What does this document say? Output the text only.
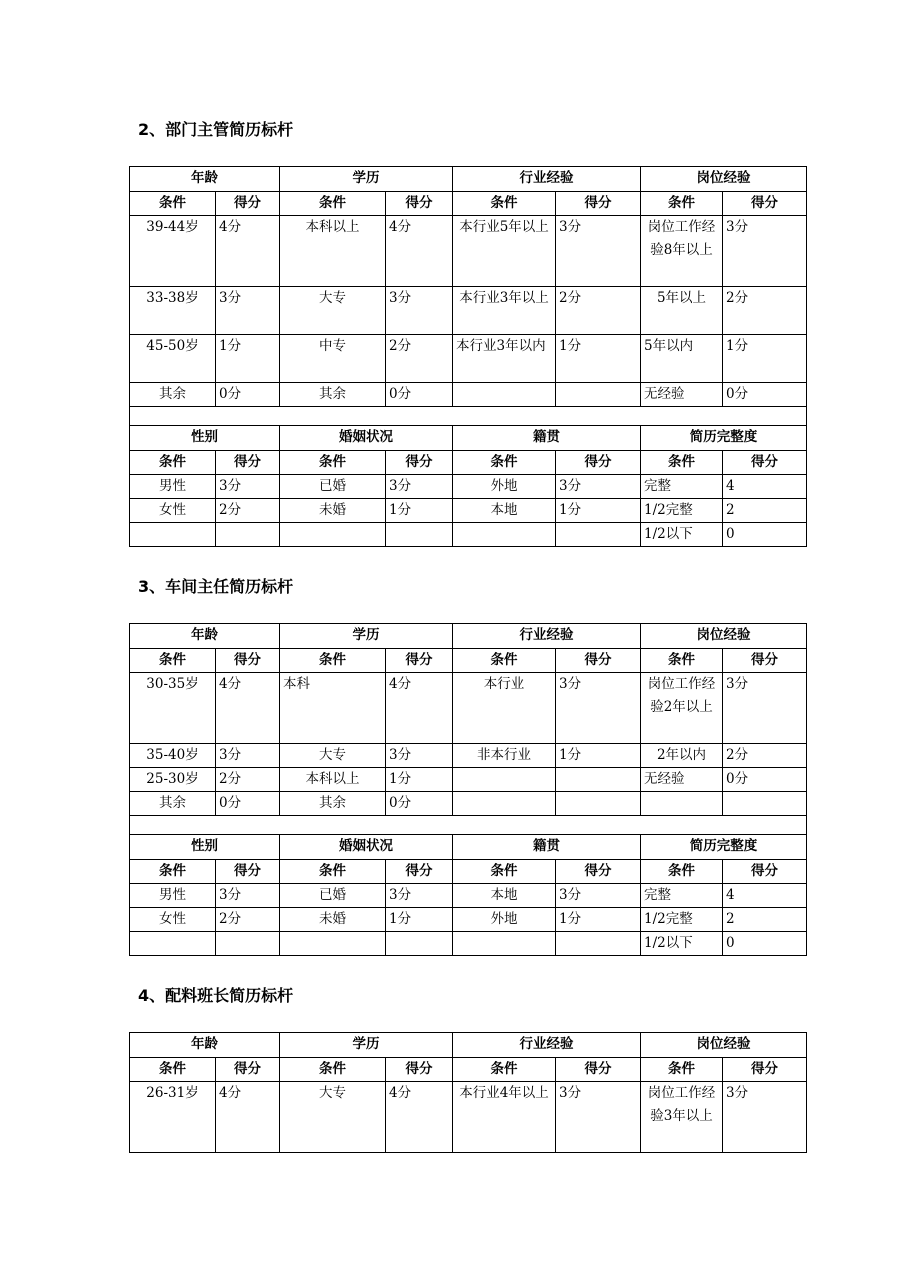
2、部门主管简历标杆
年龄		学历		行业经验		岗位经验	
条件	得分	条件	得分	条件	得分	条件	得分
39-44岁	4分	本科以上	4分	本行业5年以上	3分	岗位工作经验8年以上	3分
33-38岁	3分	大专	3分	本行业3年以上	2分	5年以上	2分
45-50岁	1分	中专	2分	本行业3年以内	1分	5年以内	1分
其余	0分	其余	0分			无经验	0分

性别		婚姻状况		籍贯		简历完整度	
条件	得分	条件	得分	条件	得分	条件	得分
男性	3分	已婚	3分	外地	3分	完整	4
女性	2分	未婚	1分	本地	1分	1/2完整	2
						1/2以下	0
3、车间主任简历标杆
年龄		学历		行业经验		岗位经验	
条件	得分	条件	得分	条件	得分	条件	得分
30-35岁	4分	本科	4分	本行业	3分	岗位工作经验2年以上	3分
35-40岁	3分	大专	3分	非本行业	1分	2年以内	2分
25-30岁	2分	本科以上	1分			无经验	0分
其余	0分	其余	0分				

性别		婚姻状况		籍贯		简历完整度	
条件	得分	条件	得分	条件	得分	条件	得分
男性	3分	已婚	3分	本地	3分	完整	4
女性	2分	未婚	1分	外地	1分	1/2完整	2
						1/2以下	0
4、配料班长简历标杆
年龄		学历		行业经验		岗位经验	
条件	得分	条件	得分	条件	得分	条件	得分
26-31岁	4分	大专	4分	本行业4年以上	3分	岗位工作经验3年以上	3分
